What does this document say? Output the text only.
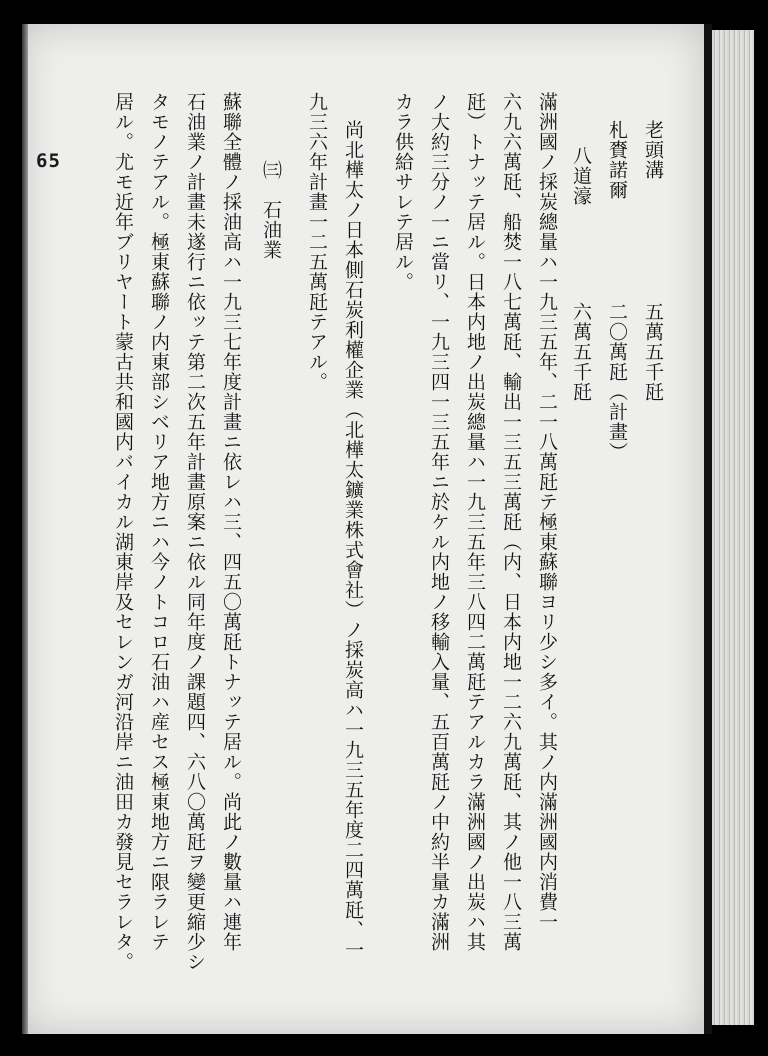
老頭溝
五萬五千瓩
札賚諾爾
二〇萬瓩（計畫）
八道濠
六萬五千瓩
滿洲國ノ採炭總量ハ一九三五年、二一八萬瓩テ極東蘇聯ヨリ少シ多イ。其ノ内滿洲國内消費一
六九六萬瓩、船焚一八七萬瓩、輸出一三五三萬瓩（内、日本内地一二六九萬瓩、其ノ他一八三萬
瓩）トナッテ居ル。日本内地ノ出炭總量ハ一九三五年三八四二萬瓩テアルカラ滿洲國ノ出炭ハ其
ノ大約三分ノ一ニ當リ、一九三四一三五年ニ於ケル内地ノ移輸入量、五百萬瓩ノ中約半量カ滿洲
カラ供給サレテ居ル。
尚北樺太ノ日本側石炭利權企業（北樺太鑛業株式會社）ノ採炭高ハ一九三五年度二四萬瓩、一
九三六年計畫一二五萬瓩テアル。
㈢　石油業
蘇聯全體ノ採油高ハ一九三七年度計畫ニ依レハ三、四五〇萬瓩トナッテ居ル。尚此ノ數量ハ連年
石油業ノ計畫未遂行ニ依ッテ第二次五年計畫原案ニ依ル同年度ノ課題四、六八〇萬瓩ヲ變更縮少シ
タモノテアル。極東蘇聯ノ内東部シベリア地方ニハ今ノトコロ石油ハ産セス極東地方ニ限ラレテ
居ル。尤モ近年ブリヤート蒙古共和國内バイカル湖東岸及セレンガ河沿岸ニ油田カ發見セラレタ。
65
